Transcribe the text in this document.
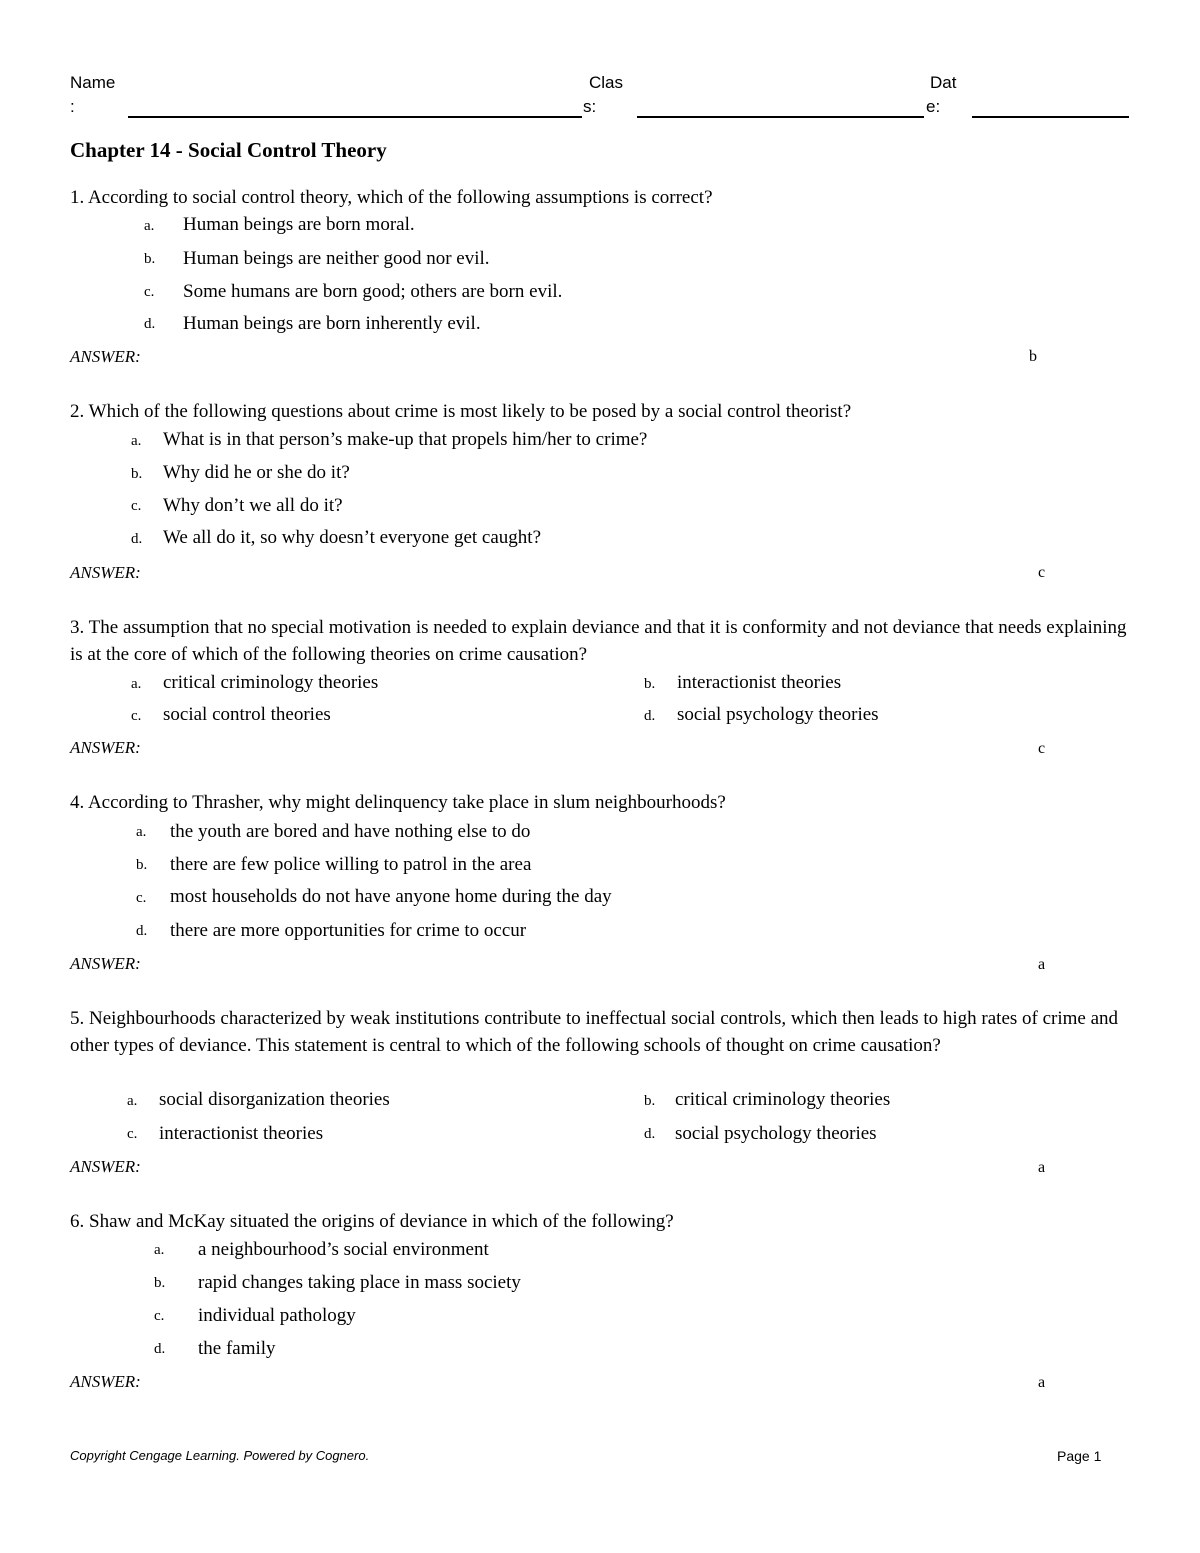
Name
:
Clas
s:
Dat
e:
Chapter 14 - Social Control Theory
1. According to social control theory, which of the following assumptions is correct?
a. Human beings are born moral.
b. Human beings are neither good nor evil.
c. Some humans are born good; others are born evil.
d. Human beings are born inherently evil.
ANSWER:	b
2. Which of the following questions about crime is most likely to be posed by a social control theorist?
a. What is in that person’s make-up that propels him/her to crime?
b. Why did he or she do it?
c. Why don’t we all do it?
d. We all do it, so why doesn’t everyone get caught?
ANSWER:	c
3. The assumption that no special motivation is needed to explain deviance and that it is conformity and not deviance that needs explaining is at the core of which of the following theories on crime causation?
a. critical criminology theories	b. interactionist theories
c. social control theories	d. social psychology theories
ANSWER:	c
4. According to Thrasher, why might delinquency take place in slum neighbourhoods?
a. the youth are bored and have nothing else to do
b. there are few police willing to patrol in the area
c. most households do not have anyone home during the day
d. there are more opportunities for crime to occur
ANSWER:	a
5. Neighbourhoods characterized by weak institutions contribute to ineffectual social controls, which then leads to high rates of crime and other types of deviance. This statement is central to which of the following schools of thought on crime causation?
a. social disorganization theories	b. critical criminology theories
c. interactionist theories	d. social psychology theories
ANSWER:	a
6. Shaw and McKay situated the origins of deviance in which of the following?
a. a neighbourhood’s social environment
b. rapid changes taking place in mass society
c. individual pathology
d. the family
ANSWER:	a
Copyright Cengage Learning. Powered by Cognero.	Page 1
